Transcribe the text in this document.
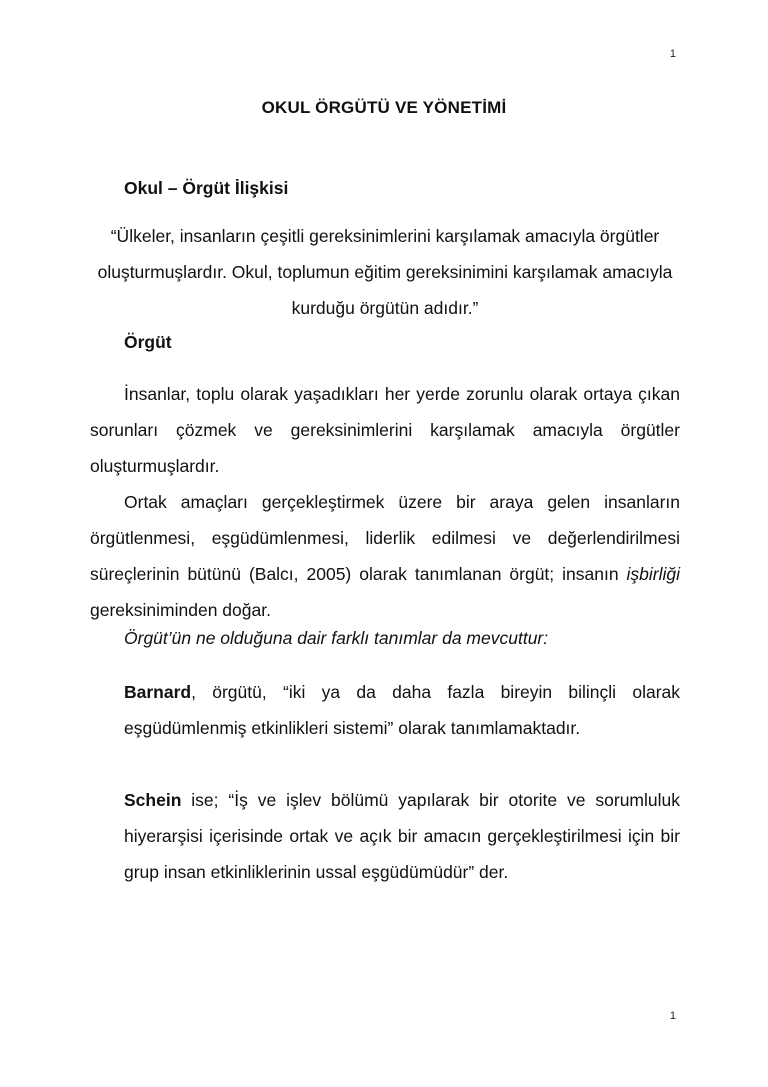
1
OKUL ÖRGÜTÜ VE YÖNETİMİ
Okul – Örgüt İlişkisi
“Ülkeler, insanların çeşitli gereksinimlerini karşılamak amacıyla örgütler oluşturmuşlardır. Okul, toplumun eğitim gereksinimini karşılamak amacıyla kurduğu örgütün adıdır.”
Örgüt

İnsanlar, toplu olarak yaşadıkları her yerde zorunlu olarak ortaya çıkan sorunları çözmek ve gereksinimlerini karşılamak amacıyla örgütler oluşturmuşlardır.

Ortak amaçları gerçekleştirmek üzere bir araya gelen insanların örgütlenmesi, eşgüdümlenmesi, liderlik edilmesi ve değerlendirilmesi süreçlerinin bütünü (Balcı, 2005) olarak tanımlanan örgüt; insanın işbirliği gereksiniminden doğar.

Örgüt’ün ne olduğuna dair farklı tanımlar da mevcuttur:

Barnard, örgütü, “iki ya da daha fazla bireyin bilinçli olarak eşgüdümlenmiş etkinlikleri sistemi” olarak tanımlamaktadır.

Schein ise; “İş ve işlev bölümü yapılarak bir otorite ve sorumluluk hiyerarşisi içerisinde ortak ve açık bir amacın gerçekleştirilmesi için bir grup insan etkinliklerinin ussal eşgüdümüdür” der.

1
